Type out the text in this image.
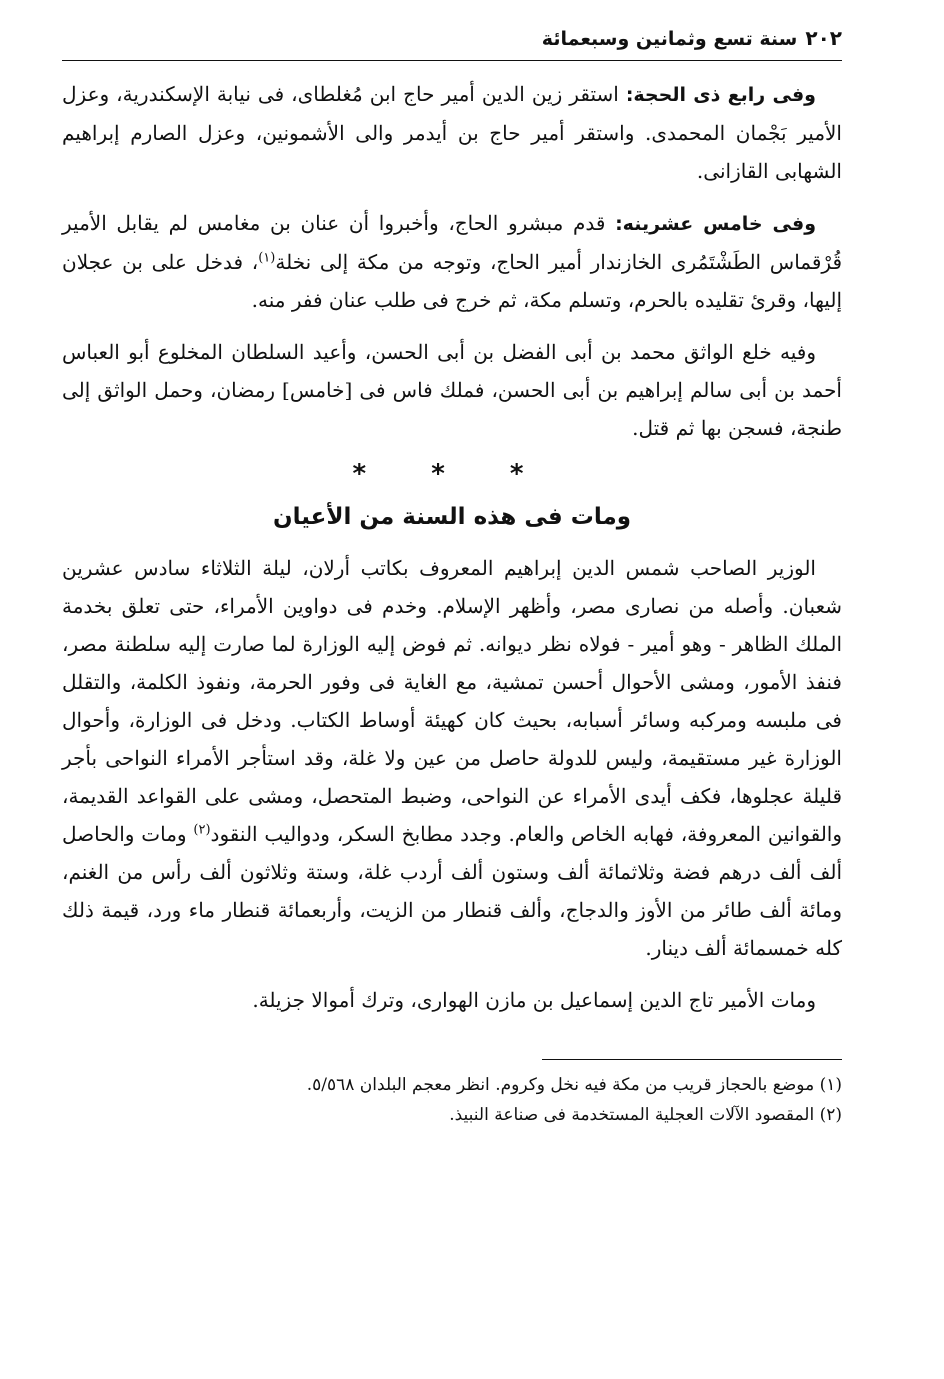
٢٠٢
سنة تسع وثمانين وسبعمائة

وفى رابع ذى الحجة: استقر زين الدين أمير حاج ابن مُغلطاى، فى نيابة الإسكندرية، وعزل الأمير بَجْمان المحمدى. واستقر أمير حاج بن أيدمر والى الأشمونين، وعزل الصارم إبراهيم الشهابى القازانى.

وفى خامس عشرينه: قدم مبشرو الحاج، وأخبروا أن عنان بن مغامس لم يقابل الأمير قُرْقماس الطَشْتَمُرى الخازندار أمير الحاج، وتوجه من مكة إلى نخلة$^{(١)}$، فدخل على بن عجلان إليها، وقرئ تقليده بالحرم، وتسلم مكة، ثم خرج فى طلب عنان ففر منه.

وفيه خلع الواثق محمد بن أبى الفضل بن أبى الحسن، وأعيد السلطان المخلوع أبو العباس أحمد بن أبى سالم إبراهيم بن أبى الحسن، فملك فاس فى [خامس] رمضان، وحمل الواثق إلى طنجة، فسجن بها ثم قتل.

* * *
ومات فى هذه السنة من الأعيان

الوزير الصاحب شمس الدين إبراهيم المعروف بكاتب أرلان، ليلة الثلاثاء سادس عشرين شعبان. وأصله من نصارى مصر، وأظهر الإسلام. وخدم فى دواوين الأمراء، حتى تعلق بخدمة الملك الظاهر - وهو أمير - فولاه نظر ديوانه. ثم فوض إليه الوزارة لما صارت إليه سلطنة مصر، فنفذ الأمور، ومشى الأحوال أحسن تمشية، مع الغاية فى وفور الحرمة، ونفوذ الكلمة، والتقلل فى ملبسه ومركبه وسائر أسبابه، بحيث كان كهيئة أوساط الكتاب. ودخل فى الوزارة، وأحوال الوزارة غير مستقيمة، وليس للدولة حاصل من عين ولا غلة، وقد استأجر الأمراء النواحى بأجر قليلة عجلوها، فكف أيدى الأمراء عن النواحى، وضبط المتحصل، ومشى على القواعد القديمة، والقوانين المعروفة، فهابه الخاص والعام. وجدد مطابخ السكر، ودواليب النقود$^{(٢)}$ ومات والحاصل ألف ألف درهم فضة وثلاثمائة ألف وستون ألف أردب غلة، وستة وثلاثون ألف رأس من الغنم، ومائة ألف طائر من الأوز والدجاج، وألف قنطار من الزيت، وأربعمائة قنطار ماء ورد، قيمة ذلك كله خمسمائة ألف دينار.

ومات الأمير تاج الدين إسماعيل بن مازن الهوارى، وترك أموالا جزيلة.

(١) موضع بالحجاز قريب من مكة فيه نخل وكروم. انظر معجم البلدان ٥/٥٦٨.

(٢) المقصود الآلات العجلية المستخدمة فى صناعة النبيذ.
